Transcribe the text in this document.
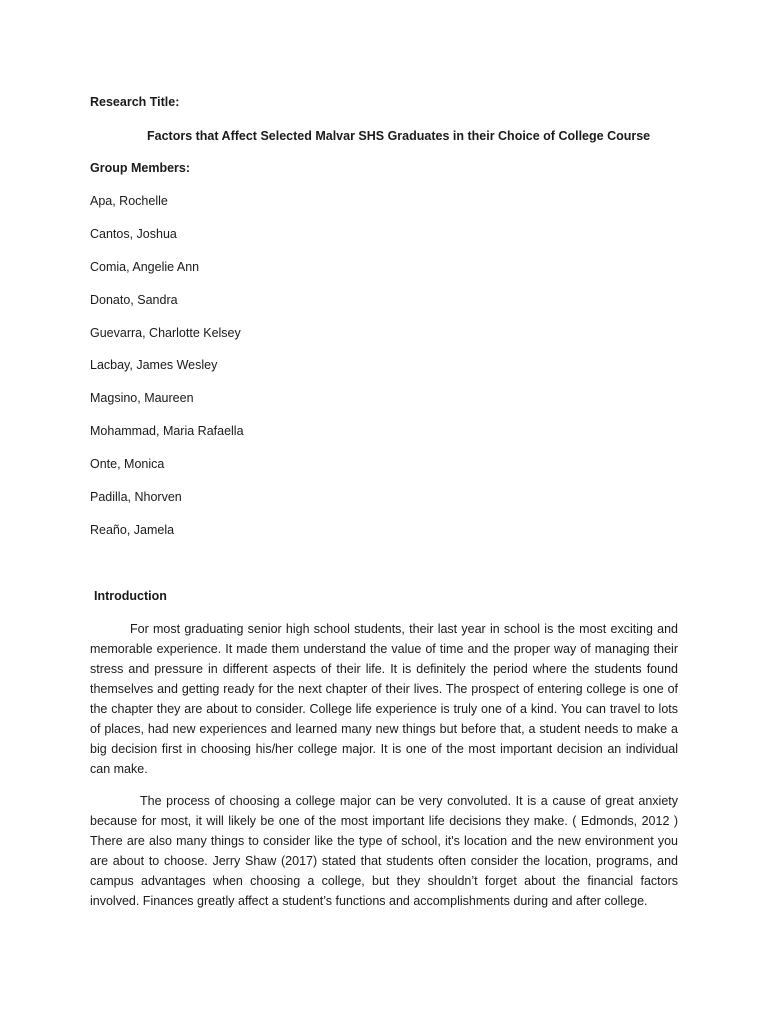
Research Title:
Factors that Affect Selected Malvar SHS Graduates in their Choice of College Course
Group Members:
Apa, Rochelle
Cantos, Joshua
Comia, Angelie Ann
Donato, Sandra
Guevarra, Charlotte Kelsey
Lacbay, James Wesley
Magsino, Maureen
Mohammad, Maria Rafaella
Onte, Monica
Padilla, Nhorven
Reaño, Jamela
Introduction

For most graduating senior high school students, their last year in school is the most exciting and memorable experience. It made them understand the value of time and the proper way of managing their stress and pressure in different aspects of their life. It is definitely the period where the students found themselves and getting ready for the next chapter of their lives. The prospect of entering college is one of the chapter they are about to consider. College life experience is truly one of a kind. You can travel to lots of places, had new experiences and learned many new things but before that, a student needs to make a big decision first in choosing his/her college major. It is one of the most important decision an individual can make.

The process of choosing a college major can be very convoluted. It is a cause of great anxiety because for most, it will likely be one of the most important life decisions they make. ( Edmonds, 2012 ) There are also many things to consider like the type of school, it's location and the new environment you are about to choose. Jerry Shaw (2017) stated that students often consider the location, programs, and campus advantages when choosing a college, but they shouldn’t forget about the financial factors involved. Finances greatly affect a student’s functions and accomplishments during and after college.
